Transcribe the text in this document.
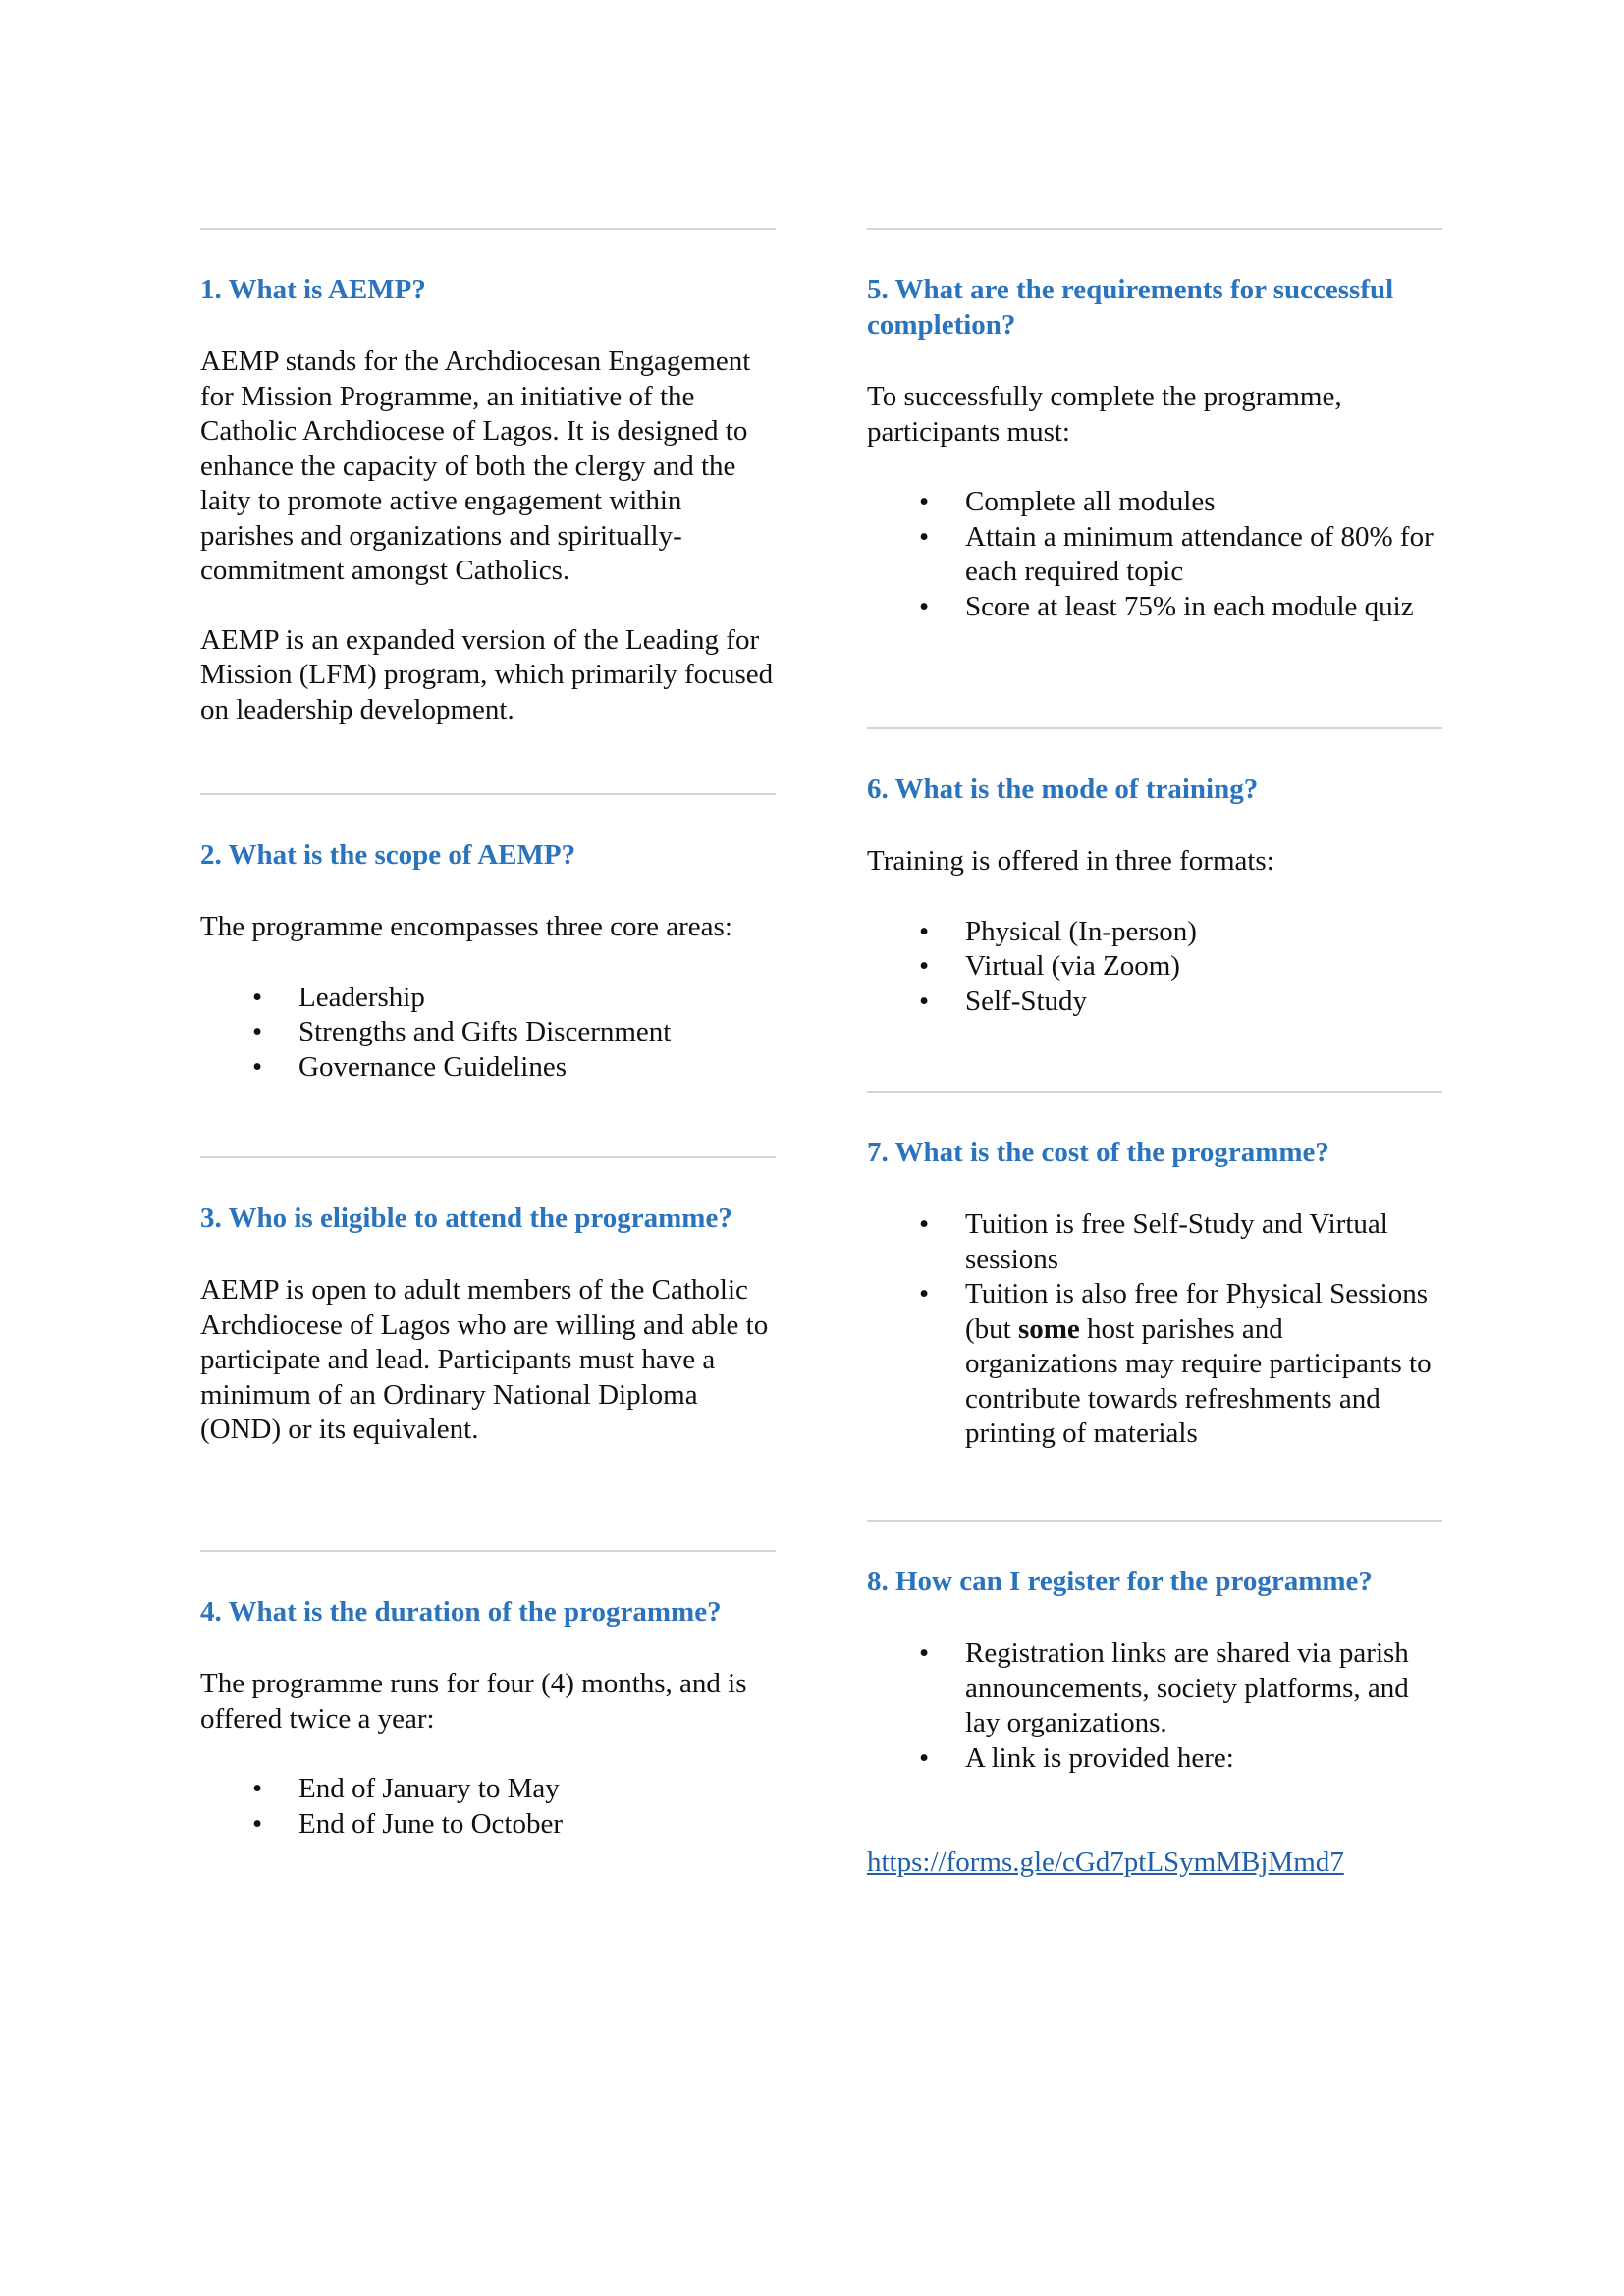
1. What is AEMP?

AEMP stands for the Archdiocesan Engagement for Mission Programme, an initiative of the Catholic Archdiocese of Lagos. It is designed to enhance the capacity of both the clergy and the laity to promote active engagement within parishes and organizations and spiritually-commitment amongst Catholics.

AEMP is an expanded version of the Leading for Mission (LFM) program, which primarily focused on leadership development.

2. What is the scope of AEMP?

The programme encompasses three core areas:

• Leadership
• Strengths and Gifts Discernment
• Governance Guidelines

3. Who is eligible to attend the programme?

AEMP is open to adult members of the Catholic Archdiocese of Lagos who are willing and able to participate and lead. Participants must have a minimum of an Ordinary National Diploma (OND) or its equivalent.

4. What is the duration of the programme?

The programme runs for four (4) months, and is offered twice a year:

• End of January to May
• End of June to October

5. What are the requirements for successful completion?

To successfully complete the programme, participants must:

• Complete all modules
• Attain a minimum attendance of 80% for each required topic
• Score at least 75% in each module quiz

6. What is the mode of training?

Training is offered in three formats:

• Physical (In-person)
• Virtual (via Zoom)
• Self-Study

7. What is the cost of the programme?

• Tuition is free Self-Study and Virtual sessions
• Tuition is also free for Physical Sessions (but some host parishes and organizations may require participants to contribute towards refreshments and printing of materials

8. How can I register for the programme?

• Registration links are shared via parish announcements, society platforms, and lay organizations.
• A link is provided here:
https://forms.gle/cGd7ptLSymMBjMmd7
